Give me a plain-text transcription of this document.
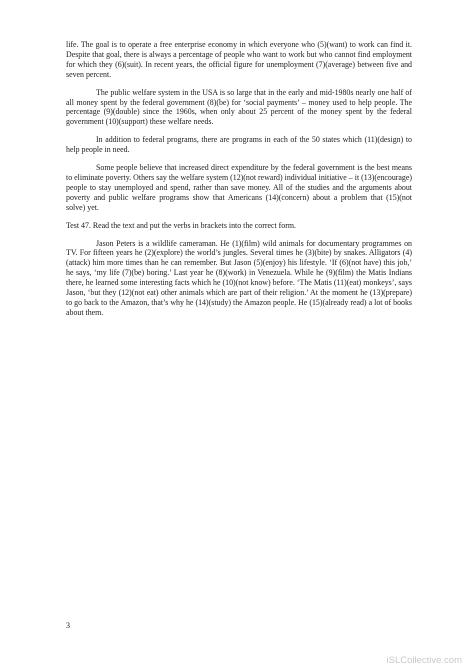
life. The goal is to operate a free enterprise economy in which everyone who (5)(want) to work can find it. Despite that goal, there is always a percentage of people who want to work but who cannot find employment for which they (6)(suit). In recent years, the official figure for unemployment (7)(average) between five and seven percent.

The public welfare system in the USA is so large that in the early and mid-1980s nearly one half of all money spent by the federal government (8)(be) for ‘social payments’ – money used to help people. The percentage (9)(double) since the 1960s, when only about 25 percent of the money spent by the federal government (10)(support) these welfare needs.

In addition to federal programs, there are programs in each of the 50 states which (11)(design) to help people in need.

Some people believe that increased direct expenditure by the federal government is the best means to eliminate poverty. Others say the welfare system (12)(not reward) individual initiative – it (13)(encourage) people to stay unemployed and spend, rather than save money. All of the studies and the arguments about poverty and public welfare programs show that Americans (14)(concern) about a problem that (15)(not solve) yet.

Test 47. Read the text and put the verbs in brackets into the correct form.

Jason Peters is a wildlife cameraman. He (1)(film) wild animals for documentary programmes on TV. For fifteen years he (2)(explore) the world’s jungles. Several times he (3)(bite) by snakes. Alligators (4)(attack) him more times than he can remember. But Jason (5)(enjoy) his lifestyle. ‘If (6)(not have) this job,’ he says, ‘my life (7)(be) boring.’ Last year he (8)(work) in Venezuela. While he (9)(film) the Matis Indians there, he learned some interesting facts which he (10)(not know) before. ‘The Matis (11)(eat) monkeys’, says Jason, ‘but they (12)(not eat) other animals which are part of their religion.’ At the moment he (13)(prepare) to go back to the Amazon, that’s why he (14)(study) the Amazon people. He (15)(already read) a lot of books about them.

3
iSLCollective.com
